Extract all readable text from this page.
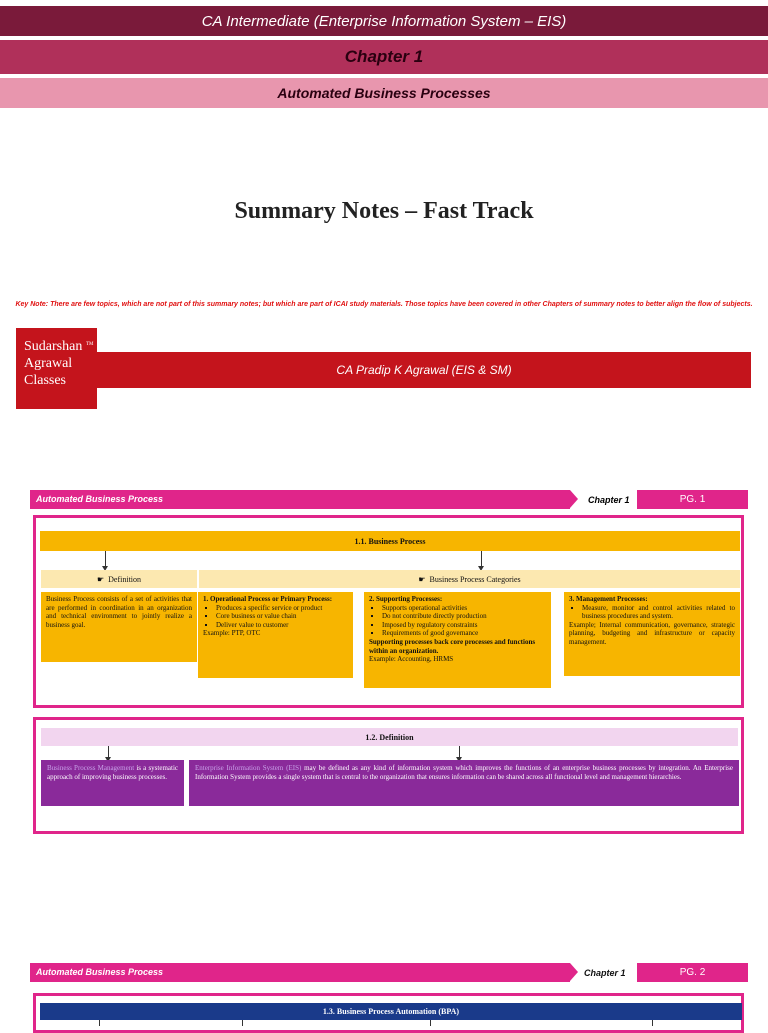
CA Intermediate (Enterprise Information System – EIS)
Chapter 1
Automated Business Processes
Summary Notes – Fast Track
Key Note: There are few topics, which are not part of this summary notes; but which are part of ICAI study materials. Those topics have been covered in other Chapters of summary notes to better align the flow of subjects.
Sudarshan
Agrawal
Classes
TM
CA Pradip K Agrawal (EIS & SM)
Automated Business Process	Chapter 1	PG. 1
1.1. Business Process
☛ Definition	☛ Business Process Categories
Business Process consists of a set of activities that are performed in coordination in an organization and technical environment to jointly realize a business goal.
1. Operational Process or Primary Process:
▪ Produces a specific service or product
▪ Core business or value chain
▪ Deliver value to customer
Example: PTP, OTC
2. Supporting Processes:
▪ Supports operational activities
▪ Do not contribute directly production
▪ Imposed by regulatory constraints
▪ Requirements of good governance
Supporting processes back core processes and functions within an organization.
Example: Accounting, HRMS
3. Management Processes:
▪ Measure, monitor and control activities related to business procedures and system.
Example; Internal communication, governance, strategic planning, budgeting and infrastructure or capacity management.
1.2. Definition
Business Process Management is a systematic approach of improving business processes.
Enterprise Information System (EIS) may be defined as any kind of information system which improves the functions of an enterprise business processes by integration. An Enterprise Information System provides a single system that is central to the organization that ensures information can be shared across all functional level and management hierarchies.
Automated Business Process	Chapter 1	PG. 2
1.3. Business Process Automation (BPA)
